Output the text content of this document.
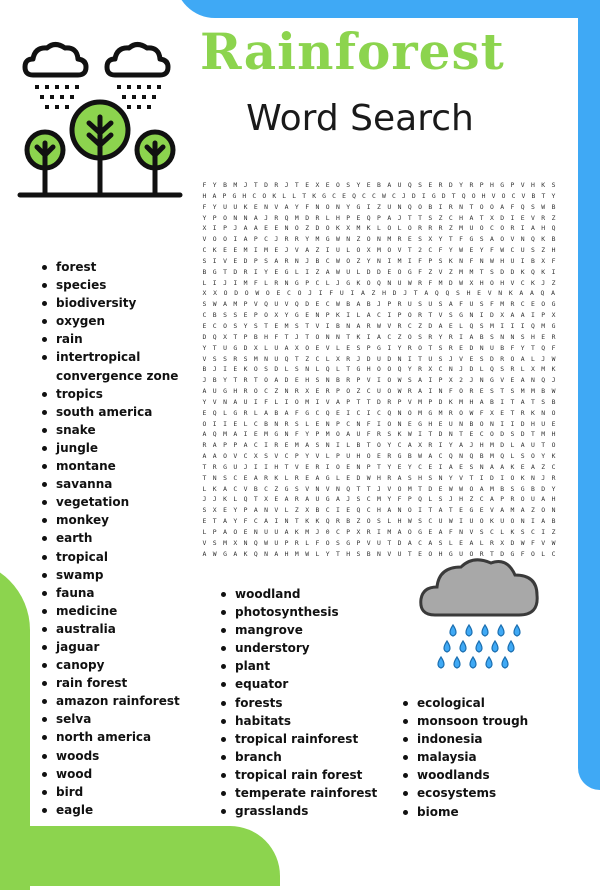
Rainforest
Word Search
F	Y	B	M	J	T	D	R	J	T	E	X	E	O	S	Y	E	B	A	U	Q	S	E	R	D	Y	R	P	H	G	P	V	H	K	S
H A P G H C O K L L T K G C E Q C C W C J D I G D T Q O H V O C V B T Y
F	Y	U	U	K	E	N	V	A	Y	F	N	O	N	Y	G	I	Z	U	N	Q	O	B	I	R	N	T	O	O	A	F	Q	S	W	B
Y	P	O	N	N	A	J	R	Q	M	D	R	L	H	P	E	Q	P	A	J	T	T	S	Z	C	H	A	T	X	D	I	E	V	R	Z
X	I	P	J	A	A	E	E	N	O	Z	D	O	K	X	M	K	L	O	L	O	R	R	R	Z	M	U	O	C	O	R	I	A	H	Q
V	O	O	I	A	P	C	J	R	R	Y	M	G	W	N	Z	O	N	M	R	E	S	X	Y	T	F	G	S	A	O	V	N	Q	K	B
C	K	E	E	M	I	M	E	J	V	A	Z	I	U	L	O	X	M	O	V	T	2	C	F	Y	W	E	Y	F	W	C	U	S	Z	H
S	I	V	E	D	P	S	A	R	N	J	B	C	W	O	Z	Y	N	I	M	I	F	P	S	K	N	F	N	W	H	U	I	B	X	F
B	G	T	D	R	I	Y	E	G	L	I	Z	A	W	U	L	D	D	E	O	G	F	Z	V	Z	M	M	T	S	D	D	K	Q	K	I
L	I	J	I	M	F	L	R	N	G	P	C	L	J	G	K	O	Q	N	U	W	R	F	M	D	W	X	H	O	H	V	C	K	J	Z
X	X	O	D	O	W	O	E	C	O	J	I	F	U	I	A	Z	H	D	J	T	A	Q	Q	S	H	E	V	N	K	A	A	Q	A
S	W	A	M	P	V	Q	U	V	Q	D	E	C	W	B	A	B	J	P	R	U	S	U	S	A	F	U	S	F	M	R	C	E	O	G
C	B	S	S	E	P	O	X	Y	G	E	N	P	K	I	L	A	C	I	P	O	R	T	V	S	G	N	I	D	X	A	A	I	P	X
E	C	O	S	Y	S	T	E	M	S	T	V	I	B	N	A	R	W	V	R	C	Z	D	A	E	L	Q	S	M	I	I	I	Q	M	G
D	Q	X	T	P	B	H	F	T	J	T	O	N	N	T	K	I	A	C	Z	O	S	R	Y	R	I	A	B	S	N	N	S	H	E	R
Y	T	U	G	D	X	L	U	A	X	O	E	V	L	E	S	P	G	I	Y	R	O	T	S	R	E	D	N	U	B	F	Y	T	Q	F
V	S	S	R	S	M	N	U	Q	T	Z	C	L	X	R	J	D	U	D	N	I	T	U	S	J	V	E	S	D	R	O	A	L	J	W
B	J	I	E	K	O	S	D	L	S	N	L	Q	L	T	G	H	O	O	Q	Y	R	X	C	N	J	D	L	Q	S	R	L	X	M	K
J	B	Y	T	R	T	O	A	D	E	H	S	N	B	R	P	V	I	O	W	S	A	I	P	X	2	J	N	G	V	E	A	N	Q	J
A	U	G	H	R	O	C	Z	N	R	X	E	R	P	O	Z	C	U	O	W	R	A	I	N	F	O	R	E	S	T	S	M	M	B	W
Y	V	N	A	U	I	F	L	I	O	M	I	V	A	P	T	T	D	R	P	V	M	P	D	K	M	H	A	B	I	T	A	T	S	B
E	Q	L	G	R	L	A	B	A	F	G	C	Q	E	I	C	I	C	Q	N	O	M	G	M	R	O	W	F	X	E	T	R	K	N	O
O	I	I	E	L	C	B	N	R	S	L	E	N	P	C	N	F	I	O	N	E	G	H	E	U	N	B	O	N	I	I	D	H	U	E
A	Q	M	A	I	E	M	G	N	F	Y	P	M	O	A	U	F	R	S	K	W	I	T	D	N	T	E	C	O	D	S	D	T	M	H
R	A	P	P	A	C	I	R	E	M	A	S	N	I	L	B	T	O	Y	C	A	X	R	I	Y	A	J	H	M	D	L	A	U	T	O
A	A	O	V	C	X	S	V	C	P	Y	V	L	P	U	H	O	E	R	G	B	W	A	C	Q	N	Q	B	M	Q	L	S	O	Y	K
T	R	G	U	J	I	I	H	T	V	E	R	I	O	E	N	P	T	Y	E	Y	C	E	I	A	E	S	N	A	A	K	E	A	Z	C
T	N	S	C	E	A	R	K	L	R	E	A	G	L	E	D	W	H	R	A	S	H	S	N	Y	V	T	I	D	I	O	K	N	J	R
L	K	A	C	V	B	C	Z	G	S	V	N	V	N	Q	T	T	J	V	O	M	T	D	E	W	W	O	A	M	B	S	G	B	D	Y
J	J	K	L	Q	T	X	E	A	R	A	U	G	A	J	S	C	M	Y	F	P	Q	L	S	J	H	Z	C	A	P	R	O	U	A	H
S	X	E	Y	P	A	N	V	L	Z	X	B	C	I	E	Q	C	H	A	N	O	I	T	A	T	E	G	E	V	A	M	A	Z	O	N
E	T	A	Y	F	C	A	I	N	T	K	K	Q	R	B	Z	O	S	L	H	W	S	C	U	W	I	U	O	K	U	O	N	I	A	B
L	P	A	O	E	N	U	U	A	K	M	J	0	C	P	X	R	I	M	A	O	G	E	A	F	N	V	S	C	L	K	S	C	I	Z
V	S	M	X	N	Q	W	U	P	R	L	F	O	S	G	P	V	U	T	D	A	C	A	S	L	E	A	L	R	X	D	W	F	V	W
A	W	G	A	K	Q	N	A	H	M	W	L	Y	T	H	S	B	N	V	U	T	E	O	H	G	U	O	R	T	D	G	F	O	L	C
forest
species
biodiversity
oxygen
rain
intertropical
convergence zone
tropics
south america
snake
jungle
montane
savanna
vegetation
monkey
earth
tropical
swamp
fauna
medicine
australia
jaguar
canopy
rain forest
amazon rainforest
selva
north america
woods
wood
bird
eagle
woodland
photosynthesis
mangrove
understory
plant
equator
forests
habitats
tropical rainforest
branch
tropical rain forest
temperate rainforest
grasslands
ecological
monsoon trough
indonesia
malaysia
woodlands
ecosystems
biome
